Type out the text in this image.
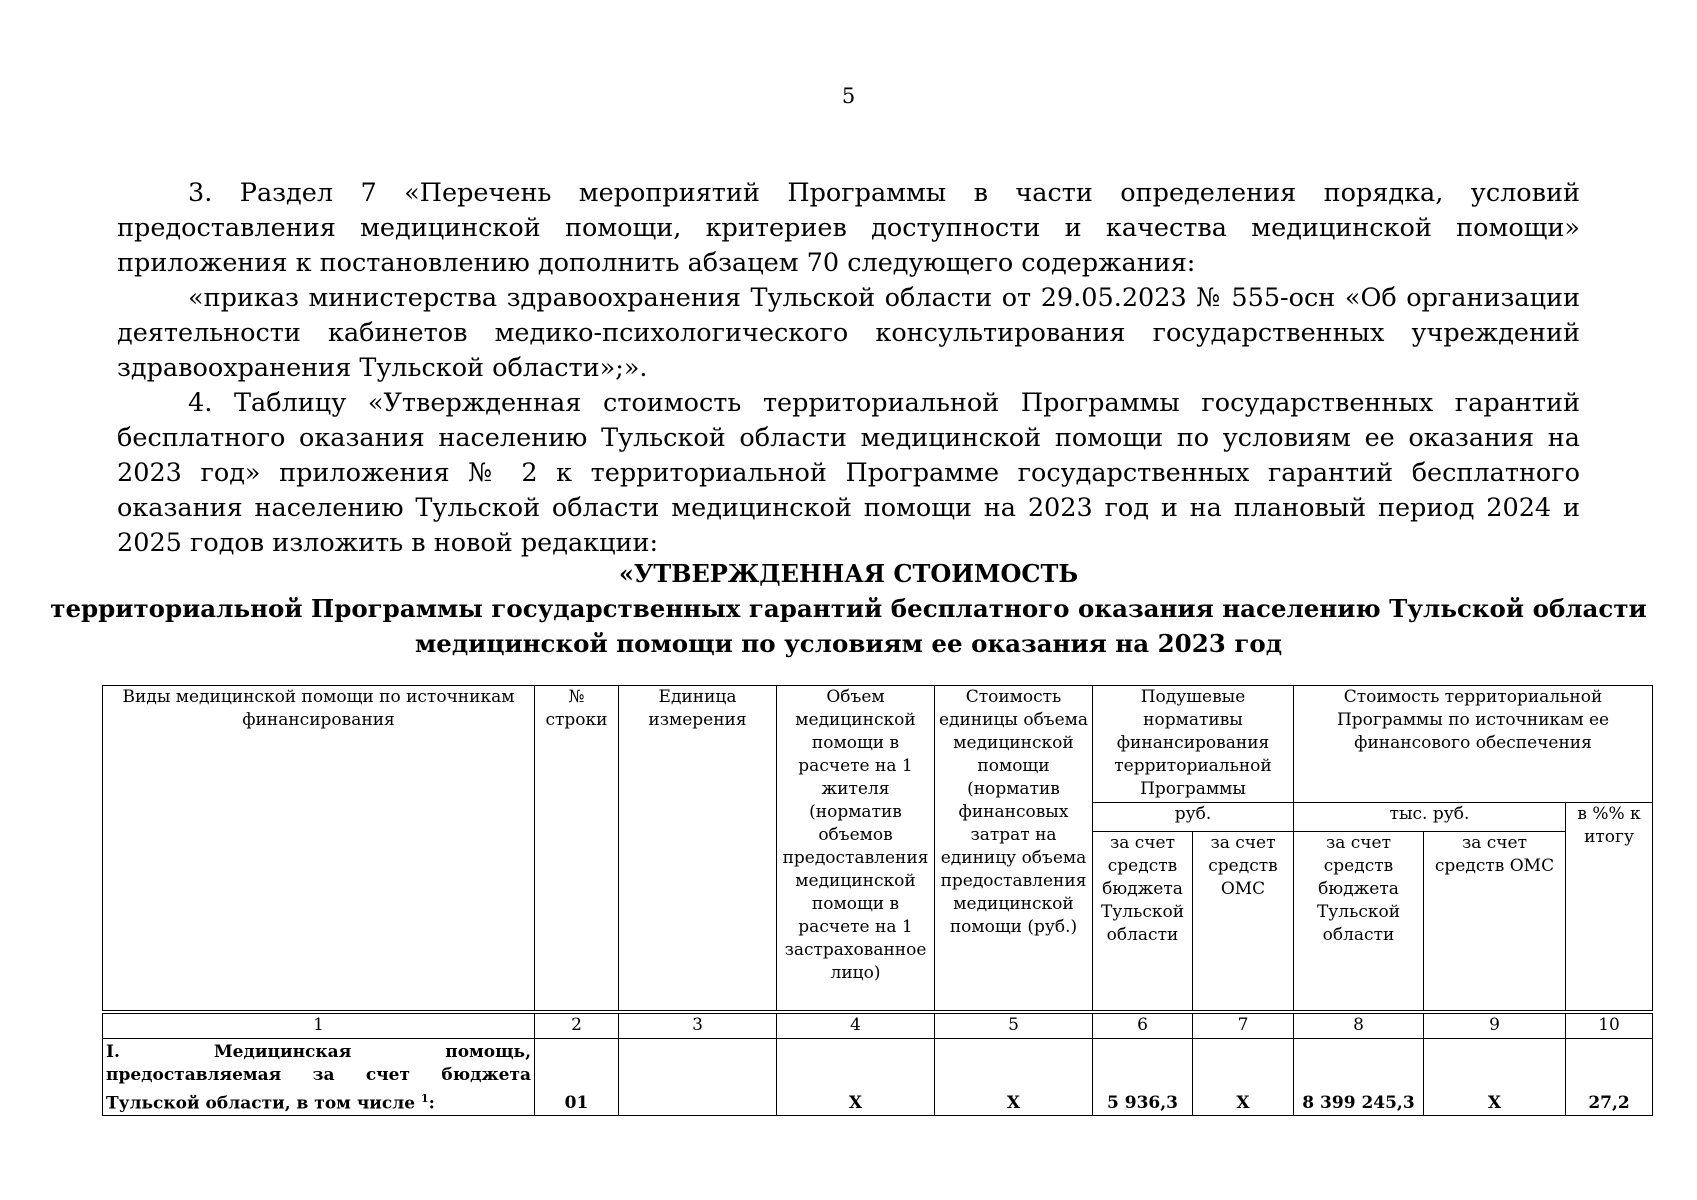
5

3. Раздел 7 «Перечень мероприятий Программы в части определения порядка, условий предоставления медицинской помощи, критериев доступности и качества медицинской помощи» приложения к постановлению дополнить абзацем 70 следующего содержания:

«приказ министерства здравоохранения Тульской области от 29.05.2023 № 555-осн «Об организации деятельности кабинетов медико-психологического консультирования государственных учреждений здравоохранения Тульской области»;».

4. Таблицу «Утвержденная стоимость территориальной Программы государственных гарантий бесплатного оказания населению Тульской области медицинской помощи по условиям ее оказания на 2023 год» приложения № 2 к территориальной Программе государственных гарантий бесплатного оказания населению Тульской области медицинской помощи на 2023 год и на плановый период 2024 и 2025 годов изложить в новой редакции:

«УТВЕРЖДЕННАЯ СТОИМОСТЬ
территориальной Программы государственных гарантий бесплатного оказания населению Тульской области
медицинской помощи по условиям ее оказания на 2023 год
Виды медицинской помощи по источникам финансирования	№ строки	Единица измерения	Объем медицинской помощи в расчете на 1 жителя (норматив объемов предоставления медицинской помощи в расчете на 1 застрахованное лицо)	Стоимость единицы объема медицинской помощи (норматив финансовых затрат на единицу объема предоставления медицинской помощи (руб.)	Подушевые нормативы финансирования территориальной Программы		Стоимость территориальной Программы по источникам ее финансового обеспечения		
					руб.		тыс. руб.		в %% к итогу
					за счет средств бюджета Тульской области	за счет средств ОМС	за счет средств бюджета Тульской области	за счет средств ОМС	
1	2	3	4	5	6	7	8	9	10
I. Медицинская помощь, предоставляемая за счет бюджета Тульской области, в том числе $^1$:	01		Х	Х	5 936,3	Х	8 399 245,3	Х	27,2
